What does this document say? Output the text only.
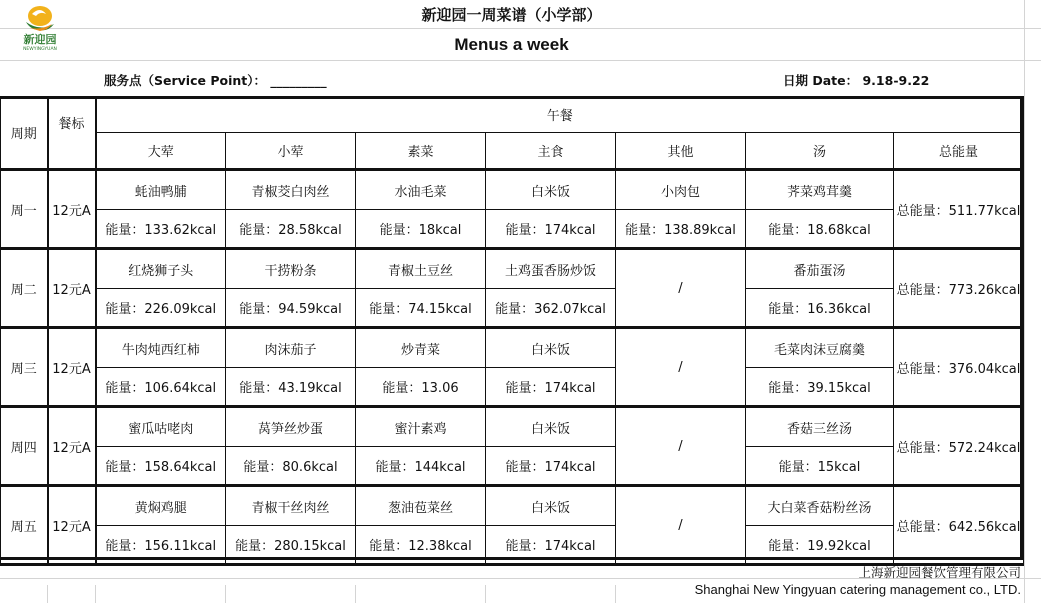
新迎园
NEWYINGYUAN
新迎园一周菜谱（小学部）
Menus a week
服务点（Service Point）： _________	日期 Date： 9.18-9.22
周期	餐标	午餐						
		大荤	小荤	素菜	主食	其他	汤	总能量
周一	12元A	蚝油鸭脯	青椒茭白肉丝	水油毛菜	白米饭	小肉包	荠菜鸡茸羹	总能量：511.77kcal
		能量：133.62kcal	能量：28.58kcal	能量：18kcal	能量：174kcal	能量：138.89kcal	能量：18.68kcal	
周二	12元A	红烧狮子头	干捞粉条	青椒土豆丝	土鸡蛋香肠炒饭	/	番茄蛋汤	总能量：773.26kcal
		能量：226.09kcal	能量：94.59kcal	能量：74.15kcal	能量：362.07kcal		能量：16.36kcal	
周三	12元A	牛肉炖西红柿	肉沫茄子	炒青菜	白米饭	/	毛菜肉沫豆腐羹	总能量：376.04kcal
		能量：106.64kcal	能量：43.19kcal	能量：13.06	能量：174kcal		能量：39.15kcal	
周四	12元A	蜜瓜咕咾肉	莴笋丝炒蛋	蜜汁素鸡	白米饭	/	香菇三丝汤	总能量：572.24kcal
		能量：158.64kcal	能量：80.6kcal	能量：144kcal	能量：174kcal		能量：15kcal	
周五	12元A	黄焖鸡腿	青椒干丝肉丝	葱油苞菜丝	白米饭	/	大白菜香菇粉丝汤	总能量：642.56kcal
		能量：156.11kcal	能量：280.15kcal	能量：12.38kcal	能量：174kcal		能量：19.92kcal	
上海新迎园餐饮管理有限公司
Shanghai New Yingyuan catering management co., LTD.
